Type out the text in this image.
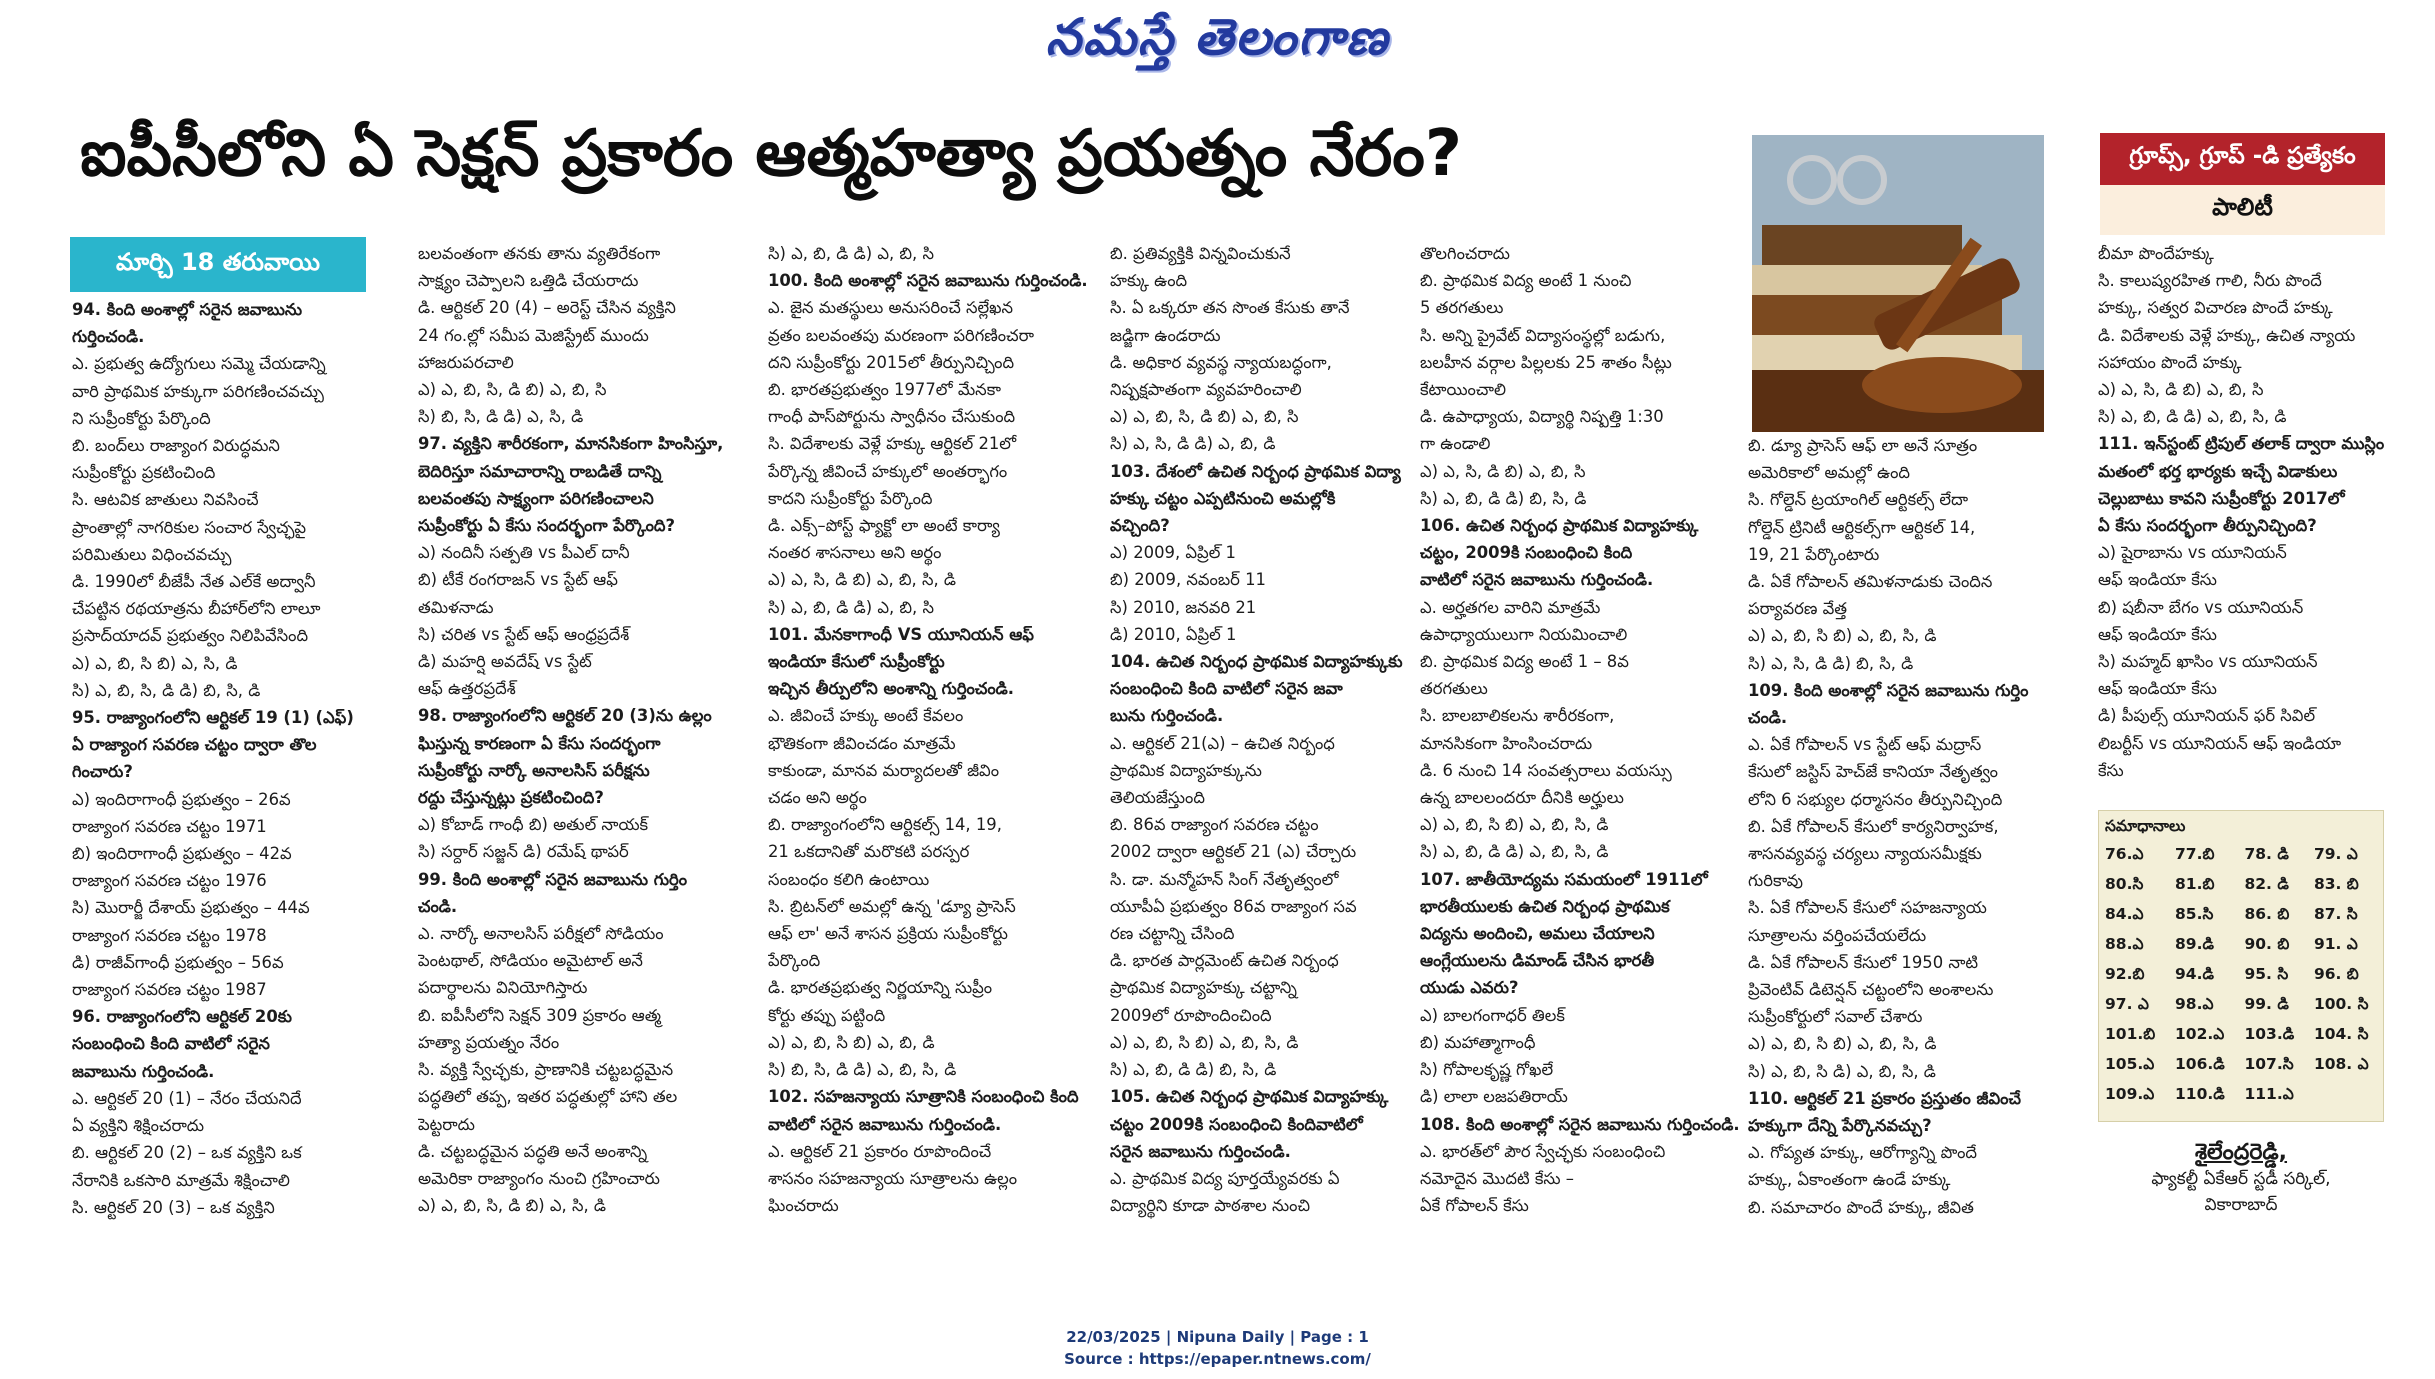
నమస్తే తెలంగాణ
ఐపీసీలోని ఏ సెక్షన్ ప్రకారం ఆత్మహత్యా ప్రయత్నం నేరం?
మార్చి 18 తరువాయి
94. కింది అంశాల్లో సరైన జవాబును
గుర్తించండి.
ఎ. ప్రభుత్వ ఉద్యోగులు సమ్మె చేయడాన్ని
వారి ప్రాథమిక హక్కుగా పరిగణించవచ్చు
ని సుప్రీంకోర్టు పేర్కొంది
బి. బంద్‌లు రాజ్యాంగ విరుద్ధమని
సుప్రీంకోర్టు ప్రకటించింది
సి. ఆటవిక జాతులు నివసించే
ప్రాంతాల్లో నాగరికుల సంచార స్వేచ్ఛపై
పరిమితులు విధించవచ్చు
డి. 1990లో బీజేపీ నేత ఎల్‌కే అద్వానీ
చేపట్టిన రథయాత్రను బీహార్‌లోని లాలూ
ప్రసాద్‌యాదవ్ ప్రభుత్వం నిలిపివేసింది
ఎ) ఎ, బి, సి బి) ఎ, సి, డి
సి) ఎ, బి, సి, డి డి) బి, సి, డి
95. రాజ్యాంగంలోని ఆర్టికల్ 19 (1) (ఎఫ్)
ఏ రాజ్యాంగ సవరణ చట్టం ద్వారా తొల
గించారు?
ఎ) ఇందిరాగాంధీ ప్రభుత్వం – 26వ
రాజ్యాంగ సవరణ చట్టం 1971
బి) ఇందిరాగాంధీ ప్రభుత్వం – 42వ
రాజ్యాంగ సవరణ చట్టం 1976
సి) మొరార్జీ దేశాయ్ ప్రభుత్వం – 44వ
రాజ్యాంగ సవరణ చట్టం 1978
డి) రాజీవ్‌గాంధీ ప్రభుత్వం – 56వ
రాజ్యాంగ సవరణ చట్టం 1987
96. రాజ్యాంగంలోని ఆర్టికల్ 20కు
సంబంధించి కింది వాటిలో సరైన
జవాబును గుర్తించండి.
ఎ. ఆర్టికల్ 20 (1) – నేరం చేయనిదే
ఏ వ్యక్తిని శిక్షించరాదు
బి. ఆర్టికల్ 20 (2) – ఒక వ్యక్తిని ఒక
నేరానికి ఒకసారి మాత్రమే శిక్షించాలి
సి. ఆర్టికల్ 20 (3) – ఒక వ్యక్తిని
బలవంతంగా తనకు తాను వ్యతిరేకంగా
సాక్ష్యం చెప్పాలని ఒత్తిడి చేయరాదు
డి. ఆర్టికల్ 20 (4) – అరెస్ట్ చేసిన వ్యక్తిని
24 గం.ల్లో సమీప మెజిస్ట్రేట్ ముందు
హాజరుపరచాలి
ఎ) ఎ, బి, సి, డి బి) ఎ, బి, సి
సి) బి, సి, డి డి) ఎ, సి, డి
97. వ్యక్తిని శారీరకంగా, మానసికంగా హింసిస్తూ,
బెదిరిస్తూ సమాచారాన్ని రాబడితే దాన్ని
బలవంతపు సాక్ష్యంగా పరిగణించాలని
సుప్రీంకోర్టు ఏ కేసు సందర్భంగా పేర్కొంది?
ఎ) నందినీ సత్పతి vs పీఎల్ దానీ
బి) టీకే రంగరాజన్ vs స్టేట్ ఆఫ్
తమిళనాడు
సి) చరిత vs స్టేట్ ఆఫ్ ఆంధ్రప్రదేశ్
డి) మహర్షి అవదేష్ vs స్టేట్
ఆఫ్ ఉత్తరప్రదేశ్
98. రాజ్యాంగంలోని ఆర్టికల్ 20 (3)ను ఉల్లం
ఘిస్తున్న కారణంగా ఏ కేసు సందర్భంగా
సుప్రీంకోర్టు నార్కో అనాలసిస్ పరీక్షను
రద్దు చేస్తున్నట్లు ప్రకటించింది?
ఎ) కోబాడ్ గాంధీ బి) అతుల్ నాయక్
సి) సర్దార్ సజ్జన్ డి) రమేష్ థాపర్
99. కింది అంశాల్లో సరైన జవాబును గుర్తిం
చండి.
ఎ. నార్కో అనాలసిస్ పరీక్షలో సోడియం
పెంటథాల్, సోడియం అమైటాల్ అనే
పదార్థాలను వినియోగిస్తారు
బి. ఐపీసీలోని సెక్షన్ 309 ప్రకారం ఆత్మ
హత్యా ప్రయత్నం నేరం
సి. వ్యక్తి స్వేచ్ఛకు, ప్రాణానికి చట్టబద్ధమైన
పద్ధతిలో తప్ప, ఇతర పద్ధతుల్లో హాని తల
పెట్టరాదు
డి. చట్టబద్ధమైన పద్ధతి అనే అంశాన్ని
అమెరికా రాజ్యాంగం నుంచి గ్రహించారు
ఎ) ఎ, బి, సి, డి బి) ఎ, సి, డి
సి) ఎ, బి, డి డి) ఎ, బి, సి
100. కింది అంశాల్లో సరైన జవాబును గుర్తించండి.
ఎ. జైన మతస్థులు అనుసరించే సల్లేఖన
వ్రతం బలవంతపు మరణంగా పరిగణించరా
దని సుప్రీంకోర్టు 2015లో తీర్పునిచ్చింది
బి. భారతప్రభుత్వం 1977లో మేనకా
గాంధీ పాస్‌పోర్టును స్వాధీనం చేసుకుంది
సి. విదేశాలకు వెళ్లే హక్కు ఆర్టికల్ 21లో
పేర్కొన్న జీవించే హక్కులో అంతర్భాగం
కాదని సుప్రీంకోర్టు పేర్కొంది
డి. ఎక్స్–పోస్ట్ ఫ్యాక్టో లా అంటే కార్యా
నంతర శాసనాలు అని అర్థం
ఎ) ఎ, సి, డి బి) ఎ, బి, సి, డి
సి) ఎ, బి, డి డి) ఎ, బి, సి
101. మేనకాగాంధీ VS యూనియన్ ఆఫ్
ఇండియా కేసులో సుప్రీంకోర్టు
ఇచ్చిన తీర్పులోని అంశాన్ని గుర్తించండి.
ఎ. జీవించే హక్కు అంటే కేవలం
భౌతికంగా జీవించడం మాత్రమే
కాకుండా, మానవ మర్యాదలతో జీవిం
చడం అని అర్థం
బి. రాజ్యాంగంలోని ఆర్టికల్స్ 14, 19,
21 ఒకదానితో మరొకటి పరస్పర
సంబంధం కలిగి ఉంటాయి
సి. బ్రిటన్‌లో అమల్లో ఉన్న 'డ్యూ ప్రాసెస్
ఆఫ్ లా' అనే శాసన ప్రక్రియ సుప్రీంకోర్టు
పేర్కొంది
డి. భారతప్రభుత్వ నిర్ణయాన్ని సుప్రీం
కోర్టు తప్పు పట్టింది
ఎ) ఎ, బి, సి బి) ఎ, బి, డి
సి) బి, సి, డి డి) ఎ, బి, సి, డి
102. సహజన్యాయ సూత్రానికి సంబంధించి కింది
వాటిలో సరైన జవాబును గుర్తించండి.
ఎ. ఆర్టికల్ 21 ప్రకారం రూపొందించే
శాసనం సహజన్యాయ సూత్రాలను ఉల్లం
ఘించరాదు
బి. ప్రతివ్యక్తికి విన్నవించుకునే
హక్కు ఉంది
సి. ఏ ఒక్కరూ తన సొంత కేసుకు తానే
జడ్జిగా ఉండరాదు
డి. అధికార వ్యవస్థ న్యాయబద్ధంగా,
నిష్పక్షపాతంగా వ్యవహరించాలి
ఎ) ఎ, బి, సి, డి బి) ఎ, బి, సి
సి) ఎ, సి, డి డి) ఎ, బి, డి
103. దేశంలో ఉచిత నిర్బంధ ప్రాథమిక విద్యా
హక్కు చట్టం ఎప్పటినుంచి అమల్లోకి
వచ్చింది?
ఎ) 2009, ఏప్రిల్ 1
బి) 2009, నవంబర్ 11
సి) 2010, జనవరి 21
డి) 2010, ఏప్రిల్ 1
104. ఉచిత నిర్బంధ ప్రాథమిక విద్యాహక్కుకు
సంబంధించి కింది వాటిలో సరైన జవా
బును గుర్తించండి.
ఎ. ఆర్టికల్ 21(ఎ) – ఉచిత నిర్బంధ
ప్రాథమిక విద్యాహక్కును
తెలియజేస్తుంది
బి. 86వ రాజ్యాంగ సవరణ చట్టం
2002 ద్వారా ఆర్టికల్ 21 (ఎ) చేర్చారు
సి. డా. మన్మోహన్ సింగ్ నేతృత్వంలో
యూపీఏ ప్రభుత్వం 86వ రాజ్యాంగ సవ
రణ చట్టాన్ని చేసింది
డి. భారత పార్లమెంట్ ఉచిత నిర్బంధ
ప్రాథమిక విద్యాహక్కు చట్టాన్ని
2009లో రూపొందించింది
ఎ) ఎ, బి, సి బి) ఎ, బి, సి, డి
సి) ఎ, బి, డి డి) బి, సి, డి
105. ఉచిత నిర్బంధ ప్రాథమిక విద్యాహక్కు
చట్టం 2009కి సంబంధించి కిందివాటిలో
సరైన జవాబును గుర్తించండి.
ఎ. ప్రాథమిక విద్య పూర్తయ్యేవరకు ఏ
విద్యార్థిని కూడా పాఠశాల నుంచి
తొలగించరాదు
బి. ప్రాథమిక విద్య అంటే 1 నుంచి
5 తరగతులు
సి. అన్ని ప్రైవేట్ విద్యాసంస్థల్లో బడుగు,
బలహీన వర్గాల పిల్లలకు 25 శాతం సీట్లు
కేటాయించాలి
డి. ఉపాధ్యాయ, విద్యార్థి నిష్పత్తి 1:30
గా ఉండాలి
ఎ) ఎ, సి, డి బి) ఎ, బి, సి
సి) ఎ, బి, డి డి) బి, సి, డి
106. ఉచిత నిర్బంధ ప్రాథమిక విద్యాహక్కు
చట్టం, 2009కి సంబంధించి కింది
వాటిలో సరైన జవాబును గుర్తించండి.
ఎ. అర్హతగల వారిని మాత్రమే
ఉపాధ్యాయులుగా నియమించాలి
బి. ప్రాథమిక విద్య అంటే 1 – 8వ
తరగతులు
సి. బాలబాలికలను శారీరకంగా,
మానసికంగా హింసించరాదు
డి. 6 నుంచి 14 సంవత్సరాలు వయస్సు
ఉన్న బాలలందరూ దీనికి అర్హులు
ఎ) ఎ, బి, సి బి) ఎ, బి, సి, డి
సి) ఎ, బి, డి డి) ఎ, బి, సి, డి
107. జాతీయోద్యమ సమయంలో 1911లో
భారతీయులకు ఉచిత నిర్బంధ ప్రాథమిక
విద్యను అందించి, అమలు చేయాలని
ఆంగ్లేయులను డిమాండ్ చేసిన భారతీ
యుడు ఎవరు?
ఎ) బాలగంగాధర్ తిలక్
బి) మహాత్మాగాంధీ
సి) గోపాలకృష్ణ గోఖలే
డి) లాలా లజపతిరాయ్
108. కింది అంశాల్లో సరైన జవాబును గుర్తించండి.
ఎ. భారత్‌లో పౌర స్వేచ్ఛకు సంబంధించి
నమోదైన మొదటి కేసు –
ఏకే గోపాలన్ కేసు
బి. డ్యూ ప్రాసెస్ ఆఫ్ లా అనే సూత్రం
అమెరికాలో అమల్లో ఉంది
సి. గోల్డెన్ ట్రయాంగిల్ ఆర్టికల్స్ లేదా
గోల్డెన్ ట్రినిటీ ఆర్టికల్స్‌గా ఆర్టికల్ 14,
19, 21 పేర్కొంటారు
డి. ఏకే గోపాలన్ తమిళనాడుకు చెందిన
పర్యావరణ వేత్త
ఎ) ఎ, బి, సి బి) ఎ, బి, సి, డి
సి) ఎ, సి, డి డి) బి, సి, డి
109. కింది అంశాల్లో సరైన జవాబును గుర్తిం
చండి.
ఎ. ఏకే గోపాలన్ vs స్టేట్ ఆఫ్ మద్రాస్
కేసులో జస్టిస్ హెచ్‌జే కానియా నేతృత్వం
లోని 6 సభ్యుల ధర్మాసనం తీర్పునిచ్చింది
బి. ఏకే గోపాలన్ కేసులో కార్యనిర్వాహక,
శాసనవ్యవస్థ చర్యలు న్యాయసమీక్షకు
గురికావు
సి. ఏకే గోపాలన్ కేసులో సహజన్యాయ
సూత్రాలను వర్తింపచేయలేదు
డి. ఏకే గోపాలన్ కేసులో 1950 నాటి
ప్రివెంటివ్ డిటెన్షన్ చట్టంలోని అంశాలను
సుప్రీంకోర్టులో సవాల్ చేశారు
ఎ) ఎ, బి, సి బి) ఎ, బి, సి, డి
సి) ఎ, బి, సి డి) ఎ, బి, సి, డి
110. ఆర్టికల్ 21 ప్రకారం ప్రస్తుతం జీవించే
హక్కుగా దేన్ని పేర్కొనవచ్చు?
ఎ. గోప్యత హక్కు, ఆరోగ్యాన్ని పొందే
హక్కు, ఏకాంతంగా ఉండే హక్కు
బి. సమాచారం పొందే హక్కు, జీవిత
బీమా పొందేహక్కు
సి. కాలుష్యరహిత గాలి, నీరు పొందే
హక్కు, సత్వర విచారణ పొందే హక్కు
డి. విదేశాలకు వెళ్లే హక్కు, ఉచిత న్యాయ
సహాయం పొందే హక్కు
ఎ) ఎ, సి, డి బి) ఎ, బి, సి
సి) ఎ, బి, డి డి) ఎ, బి, సి, డి
111. ఇన్‌స్టంట్ ట్రిపుల్ తలాక్ ద్వారా ముస్లిం
మతంలో భర్త భార్యకు ఇచ్చే విడాకులు
చెల్లుబాటు కావని సుప్రీంకోర్టు 2017లో
ఏ కేసు సందర్భంగా తీర్పునిచ్చింది?
ఎ) షైరాబాను vs యూనియన్
ఆఫ్ ఇండియా కేసు
బి) షబీనా బేగం vs యూనియన్
ఆఫ్ ఇండియా కేసు
సి) మహ్మద్ ఖాసిం vs యూనియన్
ఆఫ్ ఇండియా కేసు
డి) పీపుల్స్ యూనియన్ ఫర్ సివిల్
లిబర్టీస్ vs యూనియన్ ఆఫ్ ఇండియా
కేసు
గ్రూప్స్, గ్రూప్ -డి ప్రత్యేకం
పాలిటీ
సమాధానాలు
76.ఎ	77.బి	78. డి	79. ఎ
80.సి	81.బి	82. డి	83. బి
84.ఎ	85.సి	86. బి	87. సి
88.ఎ	89.డి	90. బి	91. ఎ
92.బి	94.డి	95. సి	96. బి
97. ఎ	98.ఎ	99. డి	100. సి
101.బి	102.ఎ	103.డి	104. సి
105.ఎ	106.డి	107.సి	108. ఎ
109.ఎ	110.డి	111.ఎ	
శైలేంద్రరెడ్డి,
ఫ్యాకల్టీ ఏకేఆర్ స్టడీ సర్కిల్,
వికారాబాద్
22/03/2025 | Nipuna Daily | Page : 1
Source : https://epaper.ntnews.com/
